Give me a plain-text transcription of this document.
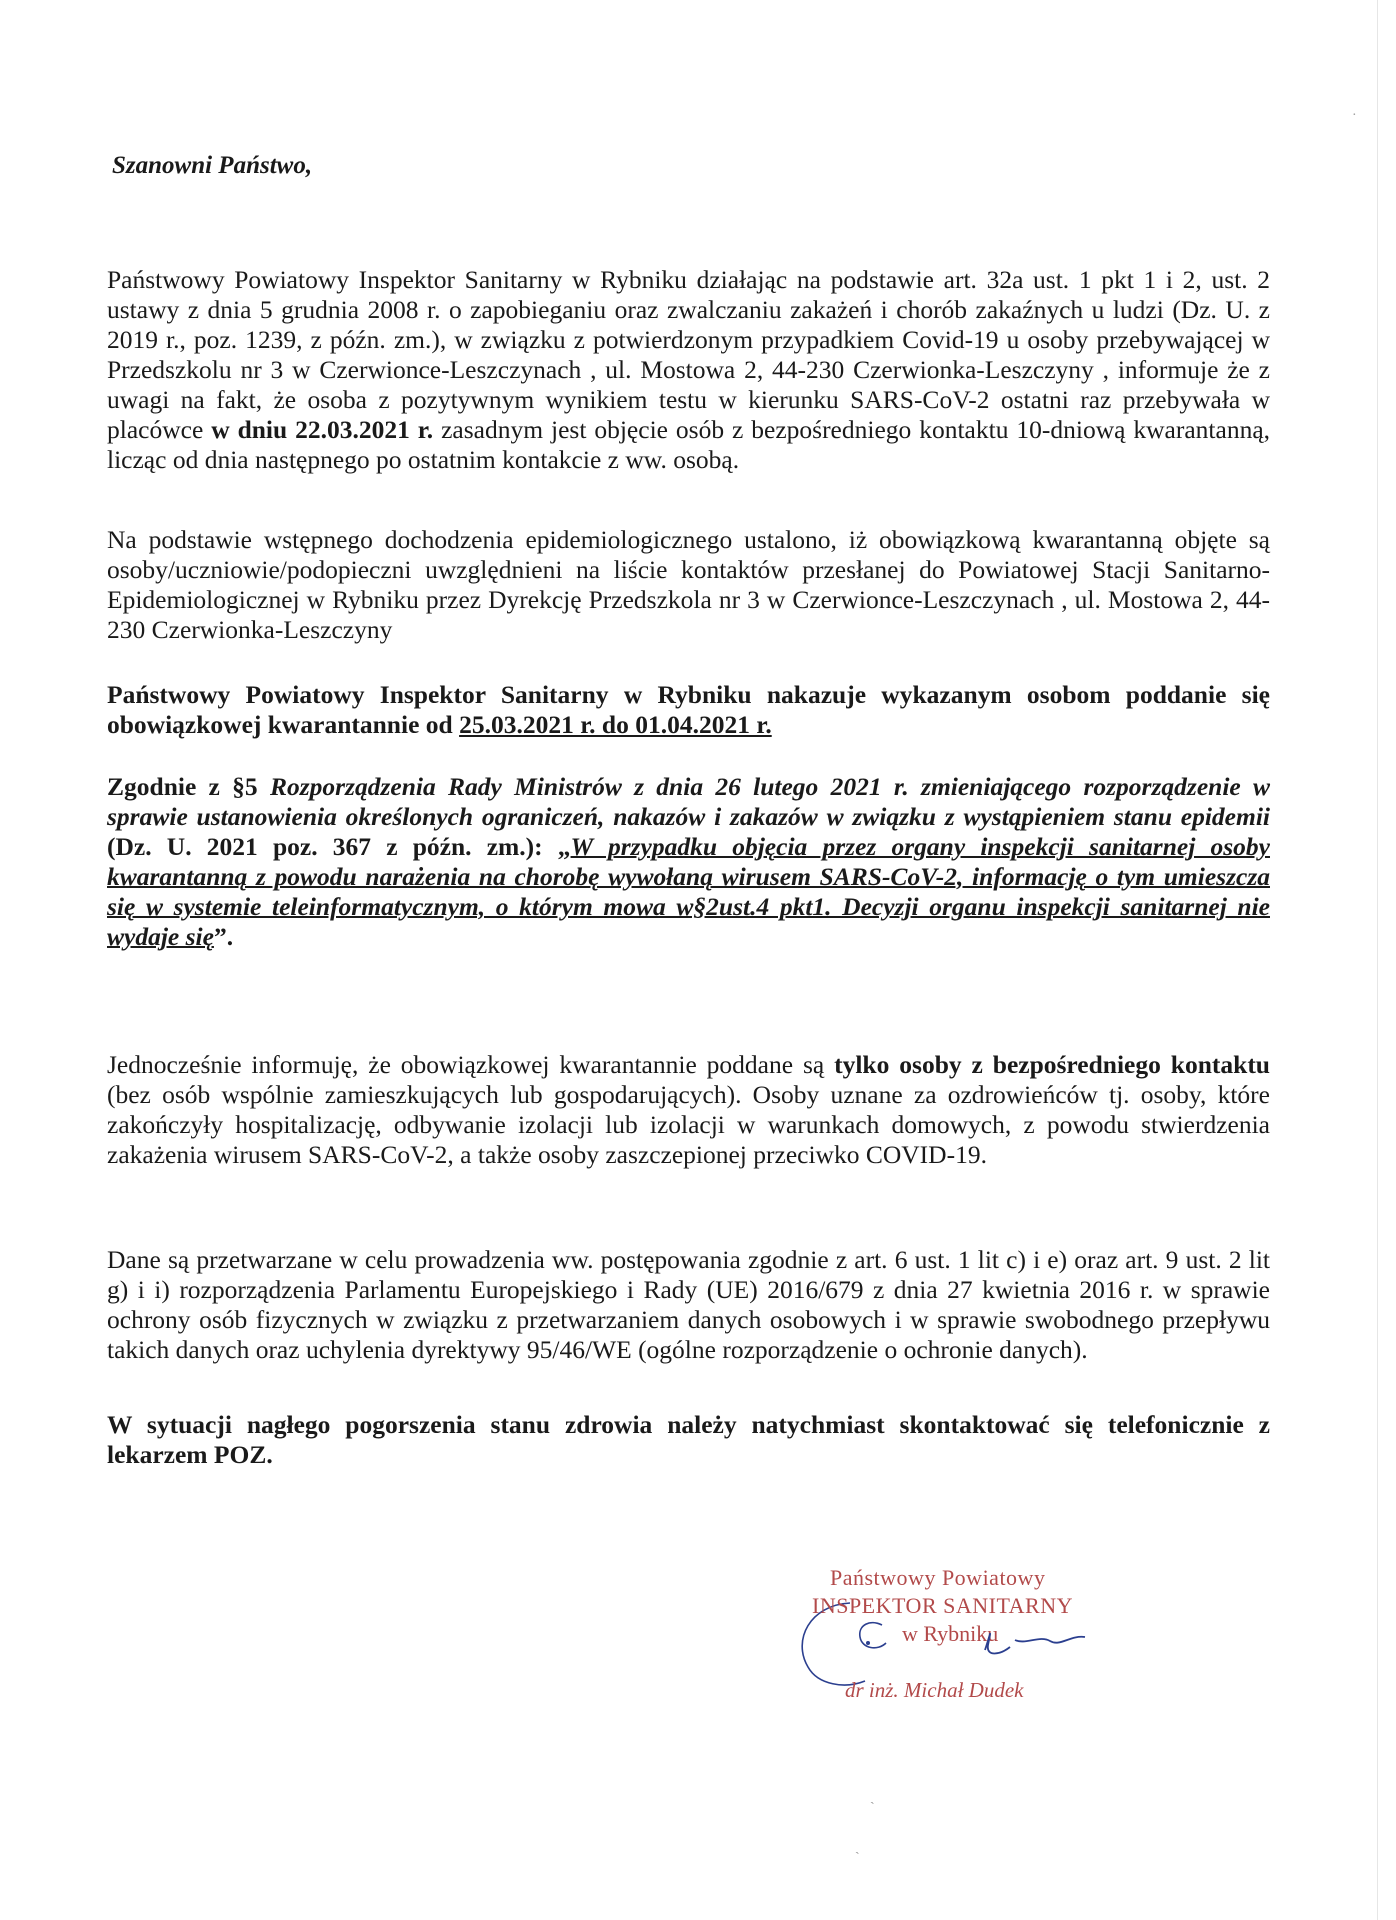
Szanowni Państwo,

Państwowy Powiatowy Inspektor Sanitarny w Rybniku działając na podstawie art. 32a ust. 1 pkt 1 i 2, ust. 2 ustawy z dnia 5 grudnia 2008 r. o zapobieganiu oraz zwalczaniu zakażeń i chorób zakaźnych u ludzi (Dz. U. z 2019 r., poz. 1239, z późn. zm.), w związku z potwierdzonym przypadkiem Covid-19 u osoby przebywającej w Przedszkolu nr 3 w Czerwionce-Leszczynach , ul. Mostowa 2, 44-230 Czerwionka-Leszczyny , informuje że z uwagi na fakt, że osoba z pozytywnym wynikiem testu w kierunku SARS-CoV-2 ostatni raz przebywała w placówce w dniu 22.03.2021 r. zasadnym jest objęcie osób z bezpośredniego kontaktu 10-dniową kwarantanną, licząc od dnia następnego po ostatnim kontakcie z ww. osobą.

Na podstawie wstępnego dochodzenia epidemiologicznego ustalono, iż obowiązkową kwarantanną objęte są osoby/uczniowie/podopieczni uwzględnieni na liście kontaktów przesłanej do Powiatowej Stacji Sanitarno-Epidemiologicznej w Rybniku przez Dyrekcję Przedszkola nr 3 w Czerwionce-Leszczynach , ul. Mostowa 2, 44-230 Czerwionka-Leszczyny

Państwowy Powiatowy Inspektor Sanitarny w Rybniku nakazuje wykazanym osobom poddanie się obowiązkowej kwarantannie od 25.03.2021 r. do 01.04.2021 r.

Zgodnie z §5 Rozporządzenia Rady Ministrów z dnia 26 lutego 2021 r. zmieniającego rozporządzenie w sprawie ustanowienia określonych ograniczeń, nakazów i zakazów w związku z wystąpieniem stanu epidemii (Dz. U. 2021 poz. 367 z późn. zm.): „W przypadku objęcia przez organy inspekcji sanitarnej osoby kwarantanną z powodu narażenia na chorobę wywołaną wirusem SARS-CoV-2, informację o tym umieszcza się w systemie teleinformatycznym, o którym mowa w§2ust.4 pkt1. Decyzji organu inspekcji sanitarnej nie wydaje się”.

Jednocześnie informuję, że obowiązkowej kwarantannie poddane są tylko osoby z bezpośredniego kontaktu (bez osób wspólnie zamieszkujących lub gospodarujących). Osoby uznane za ozdrowieńców tj. osoby, które zakończyły hospitalizację, odbywanie izolacji lub izolacji w warunkach domowych, z powodu stwierdzenia zakażenia wirusem SARS-CoV-2, a także osoby zaszczepionej przeciwko COVID-19.

Dane są przetwarzane w celu prowadzenia ww. postępowania zgodnie z art. 6 ust. 1 lit c) i e) oraz art. 9 ust. 2 lit g) i i) rozporządzenia Parlamentu Europejskiego i Rady (UE) 2016/679 z dnia 27 kwietnia 2016 r. w sprawie ochrony osób fizycznych w związku z przetwarzaniem danych osobowych i w sprawie swobodnego przepływu takich danych oraz uchylenia dyrektywy 95/46/WE (ogólne rozporządzenie o ochronie danych).

W sytuacji nagłego pogorszenia stanu zdrowia należy natychmiast skontaktować się telefonicznie z lekarzem POZ.

Państwowy Powiatowy
INSPEKTOR SANITARNY
w Rybniku
dr inż. Michał Dudek
·
ˏ
ˏ
